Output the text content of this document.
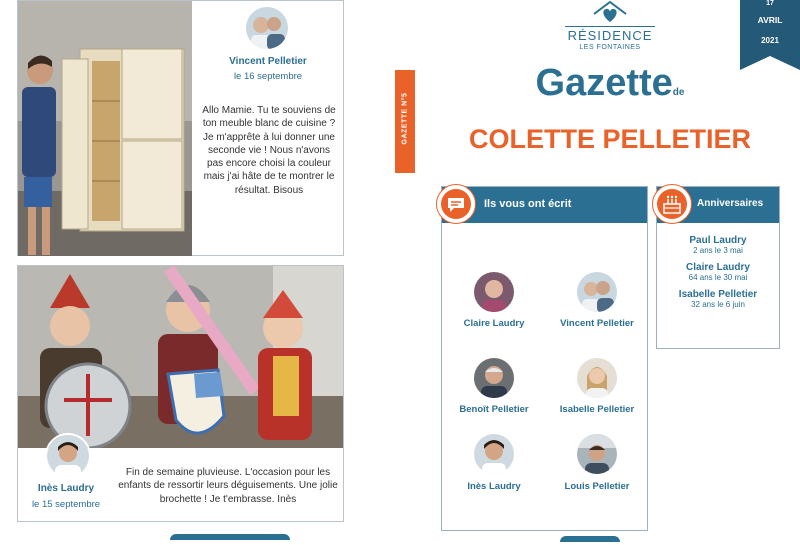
Vincent Pelletier
le 16 septembre
Allo Mamie. Tu te souviens de ton meuble blanc de cuisine ? Je m'apprête à lui donner une seconde vie ! Nous n'avons pas encore choisi la couleur mais j'ai hâte de te montrer le résultat. Bisous
Inès Laudry
le 15 septembre
Fin de semaine pluvieuse. L'occasion pour les enfants de ressortir leurs déguisements. Une jolie brochette ! Je t'embrasse. Inès
GAZETTE N°5
RÉSIDENCE
LES FONTAINES
17
AVRIL
2021
Gazettede
COLETTE PELLETIER
Ils vous ont écrit
Claire Laudry	Vincent Pelletier
Benoît Pelletier	Isabelle Pelletier
Inès Laudry	Louis Pelletier
Anniversaires
Paul Laudry
2 ans le 3 mai
Claire Laudry
64 ans le 30 mai
Isabelle Pelletier
32 ans le 6 juin
